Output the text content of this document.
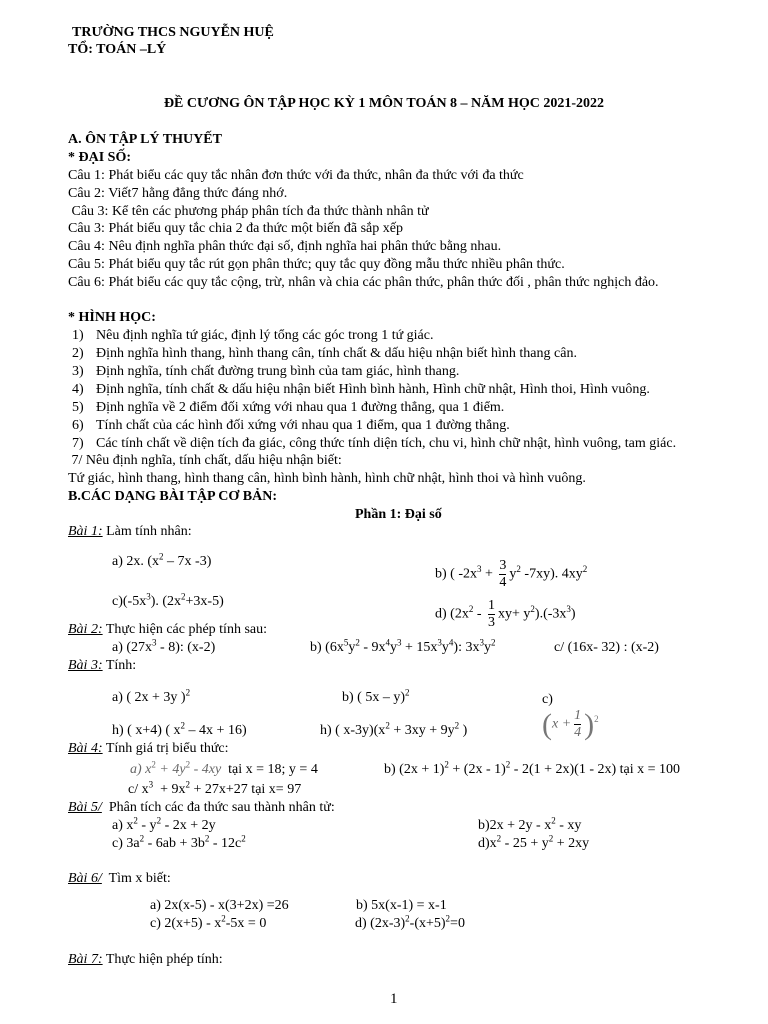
TRƯỜNG THCS NGUYỄN HUỆ
TỔ: TOÁN –LÝ
ĐỀ CƯƠNG ÔN TẬP HỌC KỲ 1 MÔN TOÁN 8 – NĂM HỌC 2021-2022
A. ÔN TẬP LÝ THUYẾT
* ĐẠI SỐ:
Câu 1: Phát biểu các quy tắc nhân đơn thức với đa thức, nhân đa thức với đa thức
Câu 2: Viết7 hằng đẳng thức đáng nhớ.
Câu 3: Kể tên các phương pháp phân tích đa thức thành nhân tử
Câu 3: Phát biểu quy tắc chia 2 đa thức một biến đã sắp xếp
Câu 4: Nêu định nghĩa phân thức đại số, định nghĩa hai phân thức bằng nhau.
Câu 5: Phát biểu quy tắc rút gọn phân thức; quy tắc quy đồng mẫu thức nhiều phân thức.
Câu 6: Phát biểu các quy tắc cộng, trừ, nhân và chia các phân thức, phân thức đối , phân thức nghịch đảo.
* HÌNH HỌC:
1) Nêu định nghĩa tứ giác, định lý tổng các góc trong 1 tứ giác.
2) Định nghĩa hình thang, hình thang cân, tính chất & dấu hiệu nhận biết hình thang cân.
3) Định nghĩa, tính chất đường trung bình của tam giác, hình thang.
4) Định nghĩa, tính chất & dấu hiệu nhận biết Hình bình hành, Hình chữ nhật, Hình thoi, Hình vuông.
5) Định nghĩa về 2 điểm đối xứng với nhau qua 1 đường thẳng, qua 1 điểm.
6) Tính chất của các hình đối xứng với nhau qua 1 điểm, qua 1 đường thẳng.
7) Các tính chất về diện tích đa giác, công thức tính diện tích, chu vi, hình chữ nhật, hình vuông, tam giác.
7/ Nêu định nghĩa, tính chất, dấu hiệu nhận biết:
Tứ giác, hình thang, hình thang cân, hình bình hành, hình chữ nhật, hình thoi và hình vuông.
B.CÁC DẠNG BÀI TẬP CƠ BẢN:
Phần 1: Đại số
Bài 1: Làm tính nhân:
a) 2x. ($x^2 - 7x$ -3)

b) ( $-2x^3 + \frac{3}{4} y^2$ -7xy). $4xy^2$

$c)(-5x^3)$. $(2x^2+3x-5)$

d) $(2x^2 - \frac{1}{3} xy+ y^2).(-3x^3)$

Bài 2: Thực hiện các phép tính sau:
a) $(27x^3 - 8)$: (x-2)	b) $(6x^5y^2 - 9x^4y^3 + 15x^3y^4)$: $3x^3y^2$	c/ (16x- 32) : (x-2)
Bài 3: Tính:
a) ( 2x + 3y )$^2$	b) ( 5x – y)$^2$	c)
$(x + \frac{1}{4} )^2$

h) ( x+4) ( $x^2 - 4x + 16$)	h) ( $x-3y)(x^2 + 3xy + 9y^2$ )
Bài 4: Tính giá trị biểu thức:
a) $x^2 + 4y^2 - 4xy$  tại x = 18; y = 4	b) $(2x + 1)^2 + (2x - 1)^2 - 2(1 + 2x)(1 - 2x)$ tại x = 100
c/ $x^3 + 9x^2 + 27x+27$ tại x= 97
Bài 5/  Phân tích các đa thức sau thành nhân tử:
a) $x^2 - y^2 - 2x + 2y$	$b)2x + 2y - x^2$ - xy
c) $3a^2 - 6ab + 3b^2 - 12c^2$	$d)x^2 - 25 + y^2 + 2xy$
Bài 6/  Tìm x biết:
a) 2x(x-5) - x(3+2x) =26	b) 5x(x-1) = x-1
c) $2(x+5) - x^2-5x = 0$	d) $(2x-3)^2-(x+5)^2=0$
Bài 7: Thực hiện phép tính:
1
